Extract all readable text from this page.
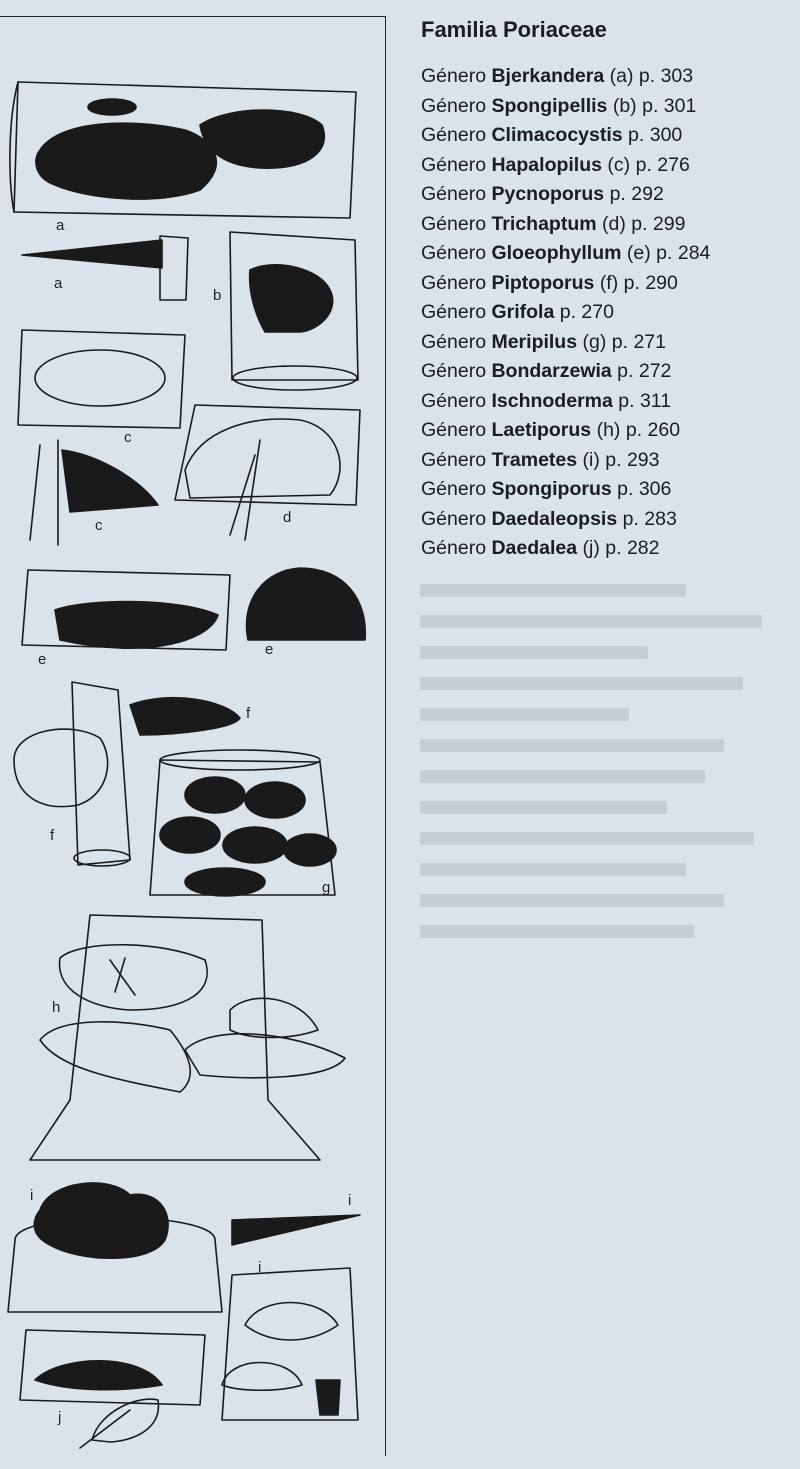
a
a
b
c
c	d
e
e
f
f
g
h
i	i
i
j
Familia Poriaceae
Género Bjerkandera (a) p. 303
Género Spongipellis (b) p. 301
Género Climacocystis p. 300
Género Hapalopilus (c) p. 276
Género Pycnoporus p. 292
Género Trichaptum (d) p. 299
Género Gloeophyllum (e) p. 284
Género Piptoporus (f) p. 290
Género Grifola p. 270
Género Meripilus (g) p. 271
Género Bondarzewia p. 272
Género Ischnoderma p. 311
Género Laetiporus (h) p. 260
Género Trametes (i) p. 293
Género Spongiporus p. 306
Género Daedaleopsis p. 283
Género Daedalea (j) p. 282
